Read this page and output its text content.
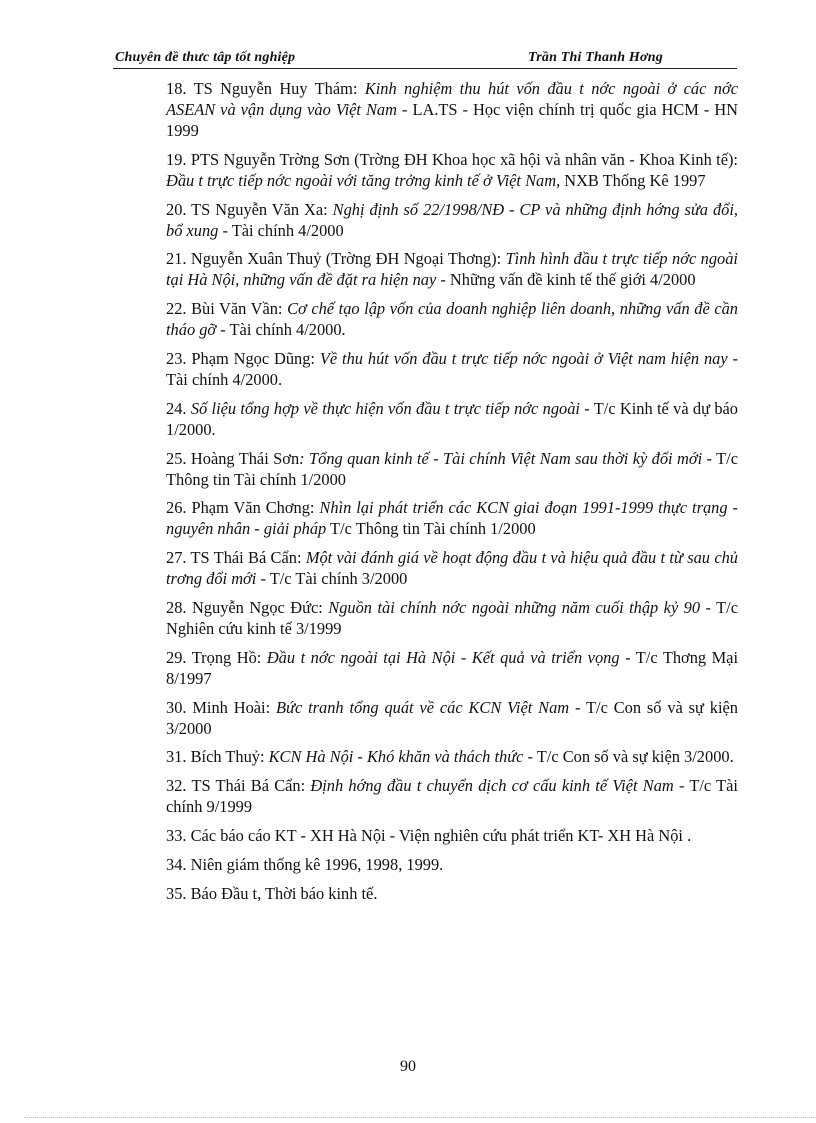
Chuyên đề thưc tâp tốt nghiệp	Trần Thi Thanh Hơng
18. TS Nguyễn Huy Thám: Kinh nghiệm thu hút vốn đầu t nớc ngoài ở các nớc ASEAN và vận dụng vào Việt Nam - LA.TS - Học viện chính trị quốc gia HCM - HN 1999
19. PTS Nguyễn Trờng Sơn (Trờng ĐH Khoa học xã hội và nhân văn - Khoa Kinh tế): Đầu t trực tiếp nớc ngoài với tăng trởng kinh tế ở Việt Nam, NXB Thống Kê 1997
20. TS Nguyễn Văn Xa: Nghị định số 22/1998/NĐ - CP và những định hớng sửa đổi, bổ xung - Tài chính 4/2000
21. Nguyễn Xuân Thuỷ (Trờng ĐH Ngoại Thơng): Tình hình đầu t trực tiếp nớc ngoài tại Hà Nội, những vấn đề đặt ra hiện nay - Những vấn đề kinh tế thế giới 4/2000
22. Bùi Văn Vần: Cơ chế tạo lập vốn của doanh nghiệp liên doanh, những vấn đề cần tháo gỡ - Tài chính 4/2000.
23. Phạm Ngọc Dũng: Về thu hút vốn đầu t trực tiếp nớc ngoài ở Việt nam hiện nay - Tài chính 4/2000.
24. Số liệu tổng hợp về thực hiện vốn đầu t trực tiếp nớc ngoài - T/c Kinh tế và dự báo 1/2000.
25. Hoàng Thái Sơn: Tổng quan kinh tế - Tài chính Việt Nam sau thời kỳ đổi mới - T/c Thông tin Tài chính 1/2000
26. Phạm Văn Chơng: Nhìn lại phát triển các KCN giai đoạn 1991-1999 thực trạng - nguyên nhân - giải pháp T/c Thông tin Tài chính 1/2000
27. TS Thái Bá Cẩn: Một vài đánh giá về hoạt động đầu t và hiệu quả đầu t từ sau chủ trơng đổi mới - T/c Tài chính 3/2000
28. Nguyễn Ngọc Đức: Nguồn tài chính nớc ngoài những năm cuối thập kỷ 90 - T/c Nghiên cứu kinh tế 3/1999
29. Trọng Hồ: Đầu t nớc ngoài tại Hà Nội - Kết quả và triển vọng - T/c Thơng Mại 8/1997
30. Minh Hoài: Bức tranh tổng quát về các KCN Việt Nam - T/c Con số và sự kiện 3/2000
31. Bích Thuỷ: KCN Hà Nội - Khó khăn và thách thức - T/c Con số và sự kiện 3/2000.
32. TS Thái Bá Cẩn: Định hớng đầu t chuyển dịch cơ cấu kinh tế Việt Nam - T/c Tài chính 9/1999
33. Các báo cáo KT - XH Hà Nội - Viện nghiên cứu phát triển KT- XH Hà Nội .
34. Niên giám thống kê 1996, 1998, 1999.
35. Báo Đầu t, Thời báo kinh tế.
90
